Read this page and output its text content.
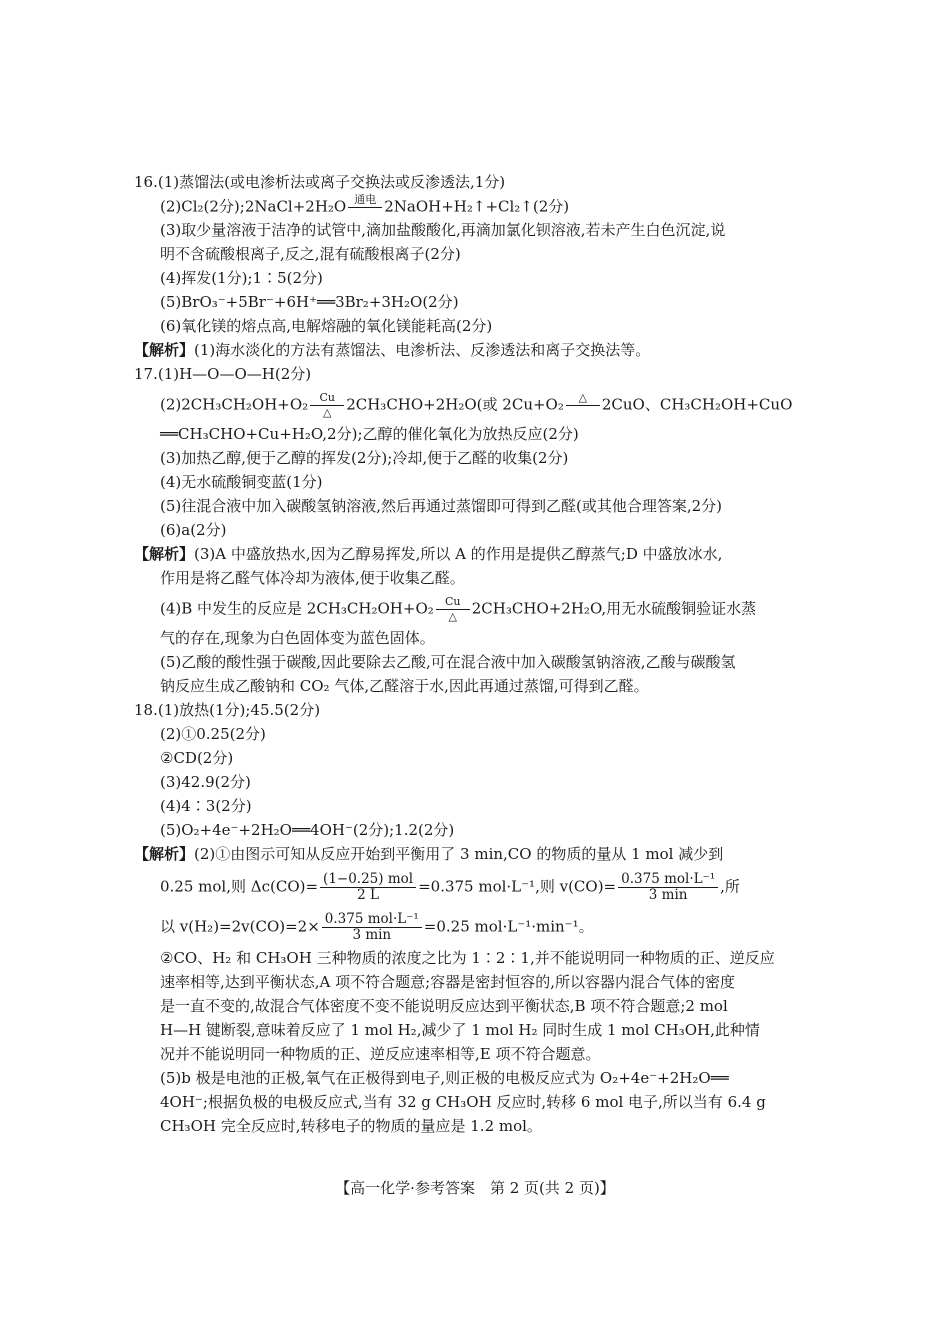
16.(1)蒸馏法(或电渗析法或离子交换法或反渗透法,1分)
(2)Cl₂(2分);2NaCl+2H₂O 通电
2NaOH+H₂↑+Cl₂↑(2分)
(3)取少量溶液于洁净的试管中,滴加盐酸酸化,再滴加氯化钡溶液,若未产生白色沉淀,说
明不含硫酸根离子,反之,混有硫酸根离子(2分)
(4)挥发(1分);1∶5(2分)
(5)BrO₃⁻+5Br⁻+6H⁺══3Br₂+3H₂O(2分)
(6)氧化镁的熔点高,电解熔融的氧化镁能耗高(2分)
【解析】(1)海水淡化的方法有蒸馏法、电渗析法、反渗透法和离子交换法等。
17.(1)H—O—O—H(2分)
(2)2CH₃CH₂OH+O₂	Cu
△ 2CH₃CHO+2H₂O(或 2Cu+O₂	△
2CuO、CH₃CH₂OH+CuO
══CH₃CHO+Cu+H₂O,2分);乙醇的催化氧化为放热反应(2分)
(3)加热乙醇,便于乙醇的挥发(2分);冷却,便于乙醛的收集(2分)
(4)无水硫酸铜变蓝(1分)
(5)往混合液中加入碳酸氢钠溶液,然后再通过蒸馏即可得到乙醛(或其他合理答案,2分)
(6)a(2分)
【解析】(3)A 中盛放热水,因为乙醇易挥发,所以 A 的作用是提供乙醇蒸气;D 中盛放冰水,
作用是将乙醛气体冷却为液体,便于收集乙醛。
(4)B 中发生的反应是 2CH₃CH₂OH+O₂	Cu
△ 2CH₃CHO+2H₂O,用无水硫酸铜验证水蒸
气的存在,现象为白色固体变为蓝色固体。
(5)乙酸的酸性强于碳酸,因此要除去乙酸,可在混合液中加入碳酸氢钠溶液,乙酸与碳酸氢
钠反应生成乙酸钠和 CO₂ 气体,乙醛溶于水,因此再通过蒸馏,可得到乙醛。
18.(1)放热(1分);45.5(2分)
(2)①0.25(2分)
②CD(2分)
(3)42.9(2分)
(4)4∶3(2分)
(5)O₂+4e⁻+2H₂O══4OH⁻(2分);1.2(2分)
【解析】(2)①由图示可知从反应开始到平衡用了 3 min,CO 的物质的量从 1 mol 减少到
0.25 mol,则 $\Delta c(CO)= \frac{\text{(1−0.25) mol}}{2 L} =0.375$ mol·L⁻¹,则 $v(CO)= \frac{\text{0.375 mol·L⁻¹}}{3 \min}$ ,所
以 $v(H_2)=2v(CO)=2\times \frac{\text{0.375 mol·L⁻¹}}{3 \min} =0.25$ mol·L⁻¹·min⁻¹。
②CO、H₂ 和 CH₃OH 三种物质的浓度之比为 1∶2∶1,并不能说明同一种物质的正、逆反应
速率相等,达到平衡状态,A 项不符合题意;容器是密封恒容的,所以容器内混合气体的密度
是一直不变的,故混合气体密度不变不能说明反应达到平衡状态,B 项不符合题意;2 mol
H—H 键断裂,意味着反应了 1 mol H₂,减少了 1 mol H₂ 同时生成 1 mol CH₃OH,此种情
况并不能说明同一种物质的正、逆反应速率相等,E 项不符合题意。
(5)b 极是电池的正极,氧气在正极得到电子,则正极的电极反应式为 O₂+4e⁻+2H₂O══
4OH⁻;根据负极的电极反应式,当有 32 g CH₃OH 反应时,转移 6 mol 电子,所以当有 6.4 g
CH₃OH 完全反应时,转移电子的物质的量应是 1.2 mol。
【高一化学·参考答案　第 2 页(共 2 页)】
